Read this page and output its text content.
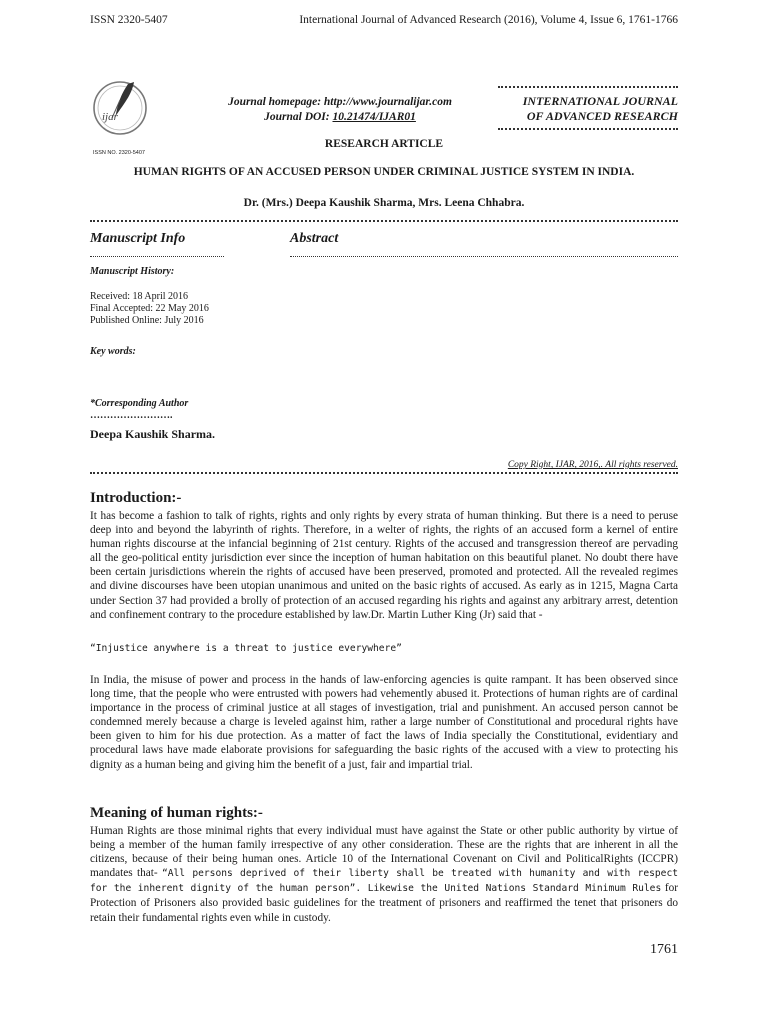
ISSN 2320-5407	International Journal of Advanced Research (2016), Volume 4, Issue 6, 1761-1766
ijar
ISSN NO. 2320-5407
Journal homepage: http://www.journalijar.com
Journal DOI: 10.21474/IJAR01
INTERNATIONAL JOURNAL
OF ADVANCED RESEARCH
RESEARCH ARTICLE
HUMAN RIGHTS OF AN ACCUSED PERSON UNDER CRIMINAL JUSTICE SYSTEM IN INDIA.
Dr. (Mrs.) Deepa Kaushik Sharma, Mrs. Leena Chhabra.
Manuscript Info	Abstract
Manuscript History:
Received: 18 April 2016
Final Accepted: 22 May 2016
Published Online: July 2016
Key words:
*Corresponding Author
…………………….
Deepa Kaushik Sharma.
Copy Right, IJAR, 2016,. All rights reserved.
Introduction:-
It has become a fashion to talk of rights, rights and only rights by every strata of human thinking. But there is a need to peruse deep into and beyond the labyrinth of rights. Therefore, in a welter of rights, the rights of an accused form a kernel of entire human rights discourse at the infancial beginning of 21st century. Rights of the accused and transgression thereof are pervading all the geo-political entity jurisdiction ever since the inception of human habitation on this beautiful planet. No doubt there have been certain jurisdictions wherein the rights of accused have been preserved, promoted and protected. All the revealed regimes and divine discourses have been utopian unanimous and united on the basic rights of accused. As early as in 1215, Magna Carta under Section 37 had provided a brolly of protection of an accused regarding his rights and against any arbitrary arrest, detention and confinement contrary to the procedure established by law.Dr. Martin Luther King (Jr) said that -
“Injustice anywhere is a threat to justice everywhere”
In India, the misuse of power and process in the hands of law-enforcing agencies is quite rampant. It has been observed since long time, that the people who were entrusted with powers had vehemently abused it. Protections of human rights are of cardinal importance in the process of criminal justice at all stages of investigation, trial and punishment. An accused person cannot be condemned merely because a charge is leveled against him, rather a large number of Constitutional and procedural rights have been given to him for his due protection. As a matter of fact the laws of India specially the Constitutional, evidentiary and procedural laws have made elaborate provisions for safeguarding the basic rights of the accused with a view to protecting his dignity as a human being and giving him the benefit of a just, fair and impartial trial.
Meaning of human rights:-
Human Rights are those minimal rights that every individual must have against the State or other public authority by virtue of being a member of the human family irrespective of any other consideration. These are the rights that are inherent in all the citizens, because of their being human ones. Article 10 of the International Covenant on Civil and PoliticalRights (ICCPR) mandates that- “All persons deprived of their liberty shall be treated with humanity and with respect for the inherent dignity of the human person”. Likewise the United Nations Standard Minimum Rules for Protection of Prisoners also provided basic guidelines for the treatment of prisoners and reaffirmed the tenet that prisoners do retain their fundamental rights even while in custody.
1761
